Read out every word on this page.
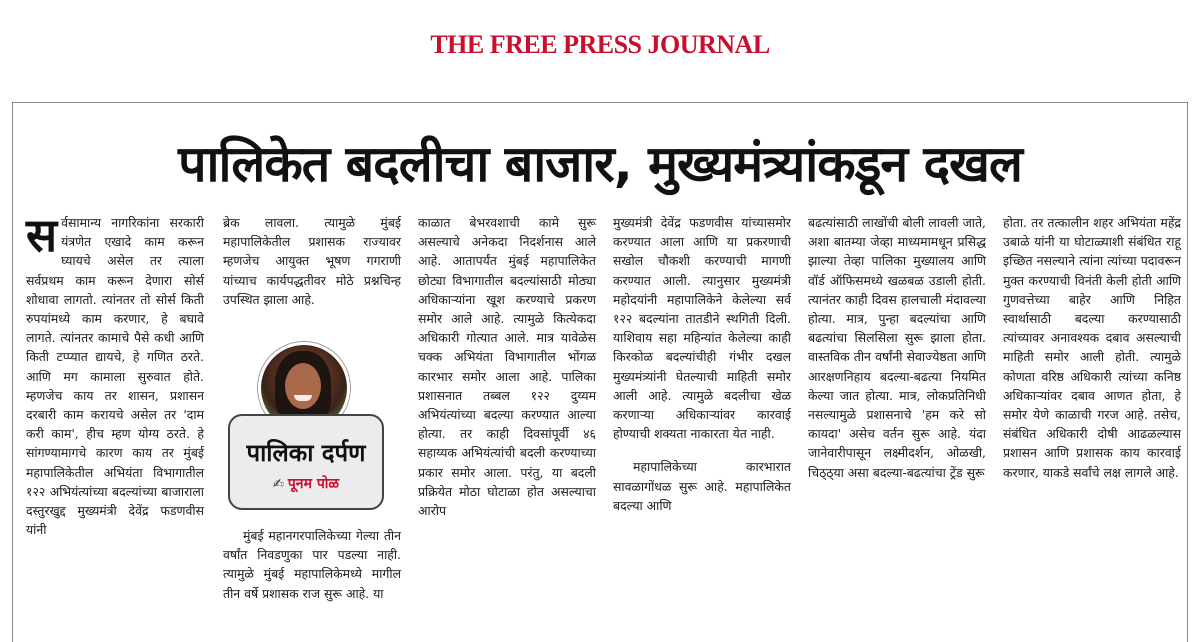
THE FREE PRESS JOURNAL
पालिकेत बदलीचा बाजार, मुख्यमंत्र्यांकडून दखल

सर्वसामान्य नागरिकांना सरकारी यंत्रणेत एखादे काम करून घ्यायचे असेल तर त्याला सर्वप्रथम काम करून देणारा सोर्स शोधावा लागतो. त्यांनतर तो सोर्स किती रुपयांमध्ये काम करणार, हे बघावे लागते. त्यांनतर कामाचे पैसे कधी आणि किती टप्प्यात द्यायचे, हे गणित ठरते. आणि मग कामाला सुरुवात होते. म्हणजेच काय तर शासन, प्रशासन दरबारी काम करायचे असेल तर 'दाम करी काम', हीच म्हण योग्य ठरते. हे सांगण्यामागचे कारण काय तर मुंबई महापालिकेतील अभियंता विभागातील १२२ अभियंत्यांच्या बदल्यांच्या बाजाराला दस्तुरखुद्द मुख्यमंत्री देवेंद्र फडणवीस यांनी

ब्रेक लावला. त्यामुळे मुंबई महापालिकेतील प्रशासक राज्यावर म्हणजेच आयुक्त भूषण गगराणी यांच्याच कार्यपद्धतीवर मोठे प्रश्नचिन्ह उपस्थित झाला आहे.

पालिका दर्पण
✍ पूनम पोळ

मुंबई महानगरपालिकेच्या गेल्या तीन वर्षांत निवडणुका पार पडल्या नाही. त्यामुळे मुंबई महापालिकेमध्ये मागील तीन वर्षे प्रशासक राज सुरू आहे. या

काळात बेभरवशाची कामे सुरू असल्याचे अनेकदा निदर्शनास आले आहे. आतापर्यंत मुंबई महापालिकेत छोट्या विभागातील बदल्यांसाठी मोठ्या अधिकाऱ्यांना खूश करण्याचे प्रकरण समोर आले आहे. त्यामुळे कित्येकदा अधिकारी गोत्यात आले. मात्र यावेळेस चक्क अभियंता विभागातील भोंगळ कारभार समोर आला आहे. पालिका प्रशासनात तब्बल १२२ दुय्यम अभियंत्यांच्या बदल्या करण्यात आल्या होत्या. तर काही दिवसांपूर्वी ४६ सहाय्यक अभियंत्यांची बदली करण्याच्या प्रकार समोर आला. परंतु, या बदली प्रक्रियेत मोठा घोटाळा होत असल्याचा आरोप

मुख्यमंत्री देवेंद्र फडणवीस यांच्यासमोर करण्यात आला आणि या प्रकरणाची सखोल चौकशी करण्याची मागणी करण्यात आली. त्यानुसार मुख्यमंत्री महोदयांनी महापालिकेने केलेल्या सर्व १२२ बदल्यांना तातडीने स्थगिती दिली. याशिवाय सहा महिन्यांत केलेल्या काही किरकोळ बदल्यांचीही गंभीर दखल मुख्यमंत्र्यांनी घेतल्याची माहिती समोर आली आहे. त्यामुळे बदलीचा खेळ करणाऱ्या अधिकाऱ्यांवर कारवाई होण्याची शक्यता नाकारता येत नाही.

महापालिकेच्या कारभारात सावळागोंधळ सुरू आहे. महापालिकेत बदल्या आणि

बढत्यांसाठी लाखोंची बोली लावली जाते, अशा बातम्या जेव्हा माध्यमामधून प्रसिद्ध झाल्या तेव्हा पालिका मुख्यालय आणि वॉर्ड ऑफिसमध्ये खळबळ उडाली होती. त्यानंतर काही दिवस हालचाली मंदावल्या होत्या. मात्र, पुन्हा बदल्यांचा आणि बढत्यांचा सिलसिला सुरू झाला होता. वास्तविक तीन वर्षांनी सेवाज्येष्ठता आणि आरक्षणनिहाय बदल्या-बढत्या नियमित केल्या जात होत्या. मात्र, लोकप्रतिनिधी नसल्यामुळे प्रशासनाचे 'हम करे सो कायदा' असेच वर्तन सुरू आहे. यंदा जानेवारीपासून लक्ष्मीदर्शन, ओळखी, चिठ्ठ्या असा बदल्या-बढत्यांचा ट्रेंड सुरू

होता. तर तत्कालीन शहर अभियंता महेंद्र उबाळे यांनी या घोटाळ्याशी संबंधित राहू इच्छित नसल्याने त्यांना त्यांच्या पदावरून मुक्त करण्याची विनंती केली होती आणि गुणवत्तेच्या बाहेर आणि निहित स्वार्थासाठी बदल्या करण्यासाठी त्यांच्यावर अनावश्यक दबाव असल्याची माहिती समोर आली होती. त्यामुळे कोणता वरिष्ठ अधिकारी त्यांच्या कनिष्ठ अधिकाऱ्यांवर दबाव आणत होता, हे समोर येणे काळाची गरज आहे. तसेच, संबंधित अधिकारी दोषी आढळल्यास प्रशासन आणि प्रशासक काय कारवाई करणार, याकडे सर्वांचे लक्ष लागले आहे.
